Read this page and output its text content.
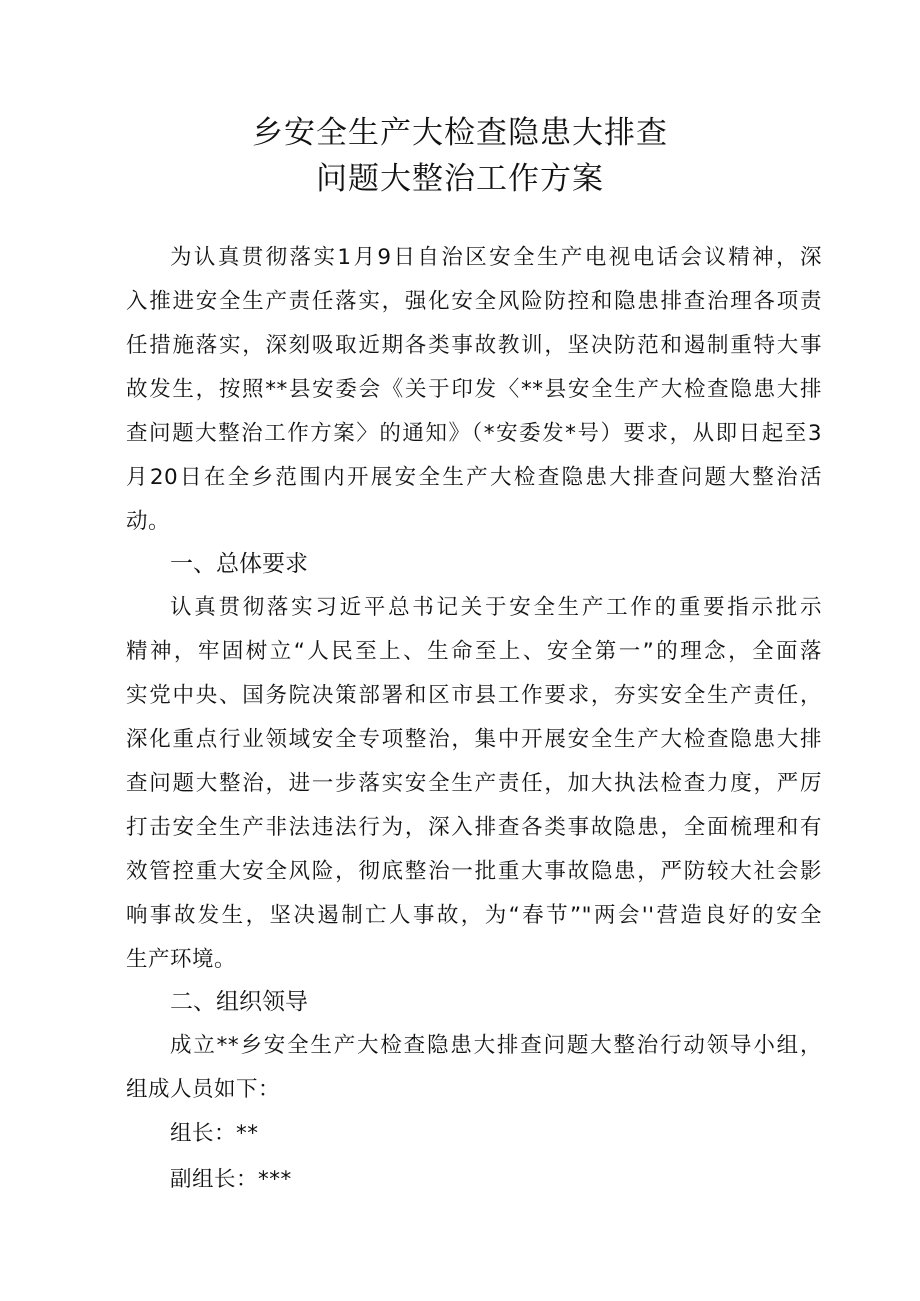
乡安全生产大检查隐患大排查
问题大整治工作方案
为认真贯彻落实1月9日自治区安全生产电视电话会议精神，深
入推进安全生产责任落实，强化安全风险防控和隐患排查治理各项责
任措施落实，深刻吸取近期各类事故教训，坚决防范和遏制重特大事
故发生，按照**县安委会《关于印发〈**县安全生产大检查隐患大排
查问题大整治工作方案〉的通知》（*安委发*号）要求，从即日起至3
月20日在全乡范围内开展安全生产大检查隐患大排查问题大整治活
动。
一、总体要求
认真贯彻落实习近平总书记关于安全生产工作的重要指示批示
精神，牢固树立“人民至上、生命至上、安全第一”的理念，全面落
实党中央、国务院决策部署和区市县工作要求，夯实安全生产责任，
深化重点行业领域安全专项整治，集中开展安全生产大检查隐患大排
查问题大整治，进一步落实安全生产责任，加大执法检查力度，严厉
打击安全生产非法违法行为，深入排查各类事故隐患，全面梳理和有
效管控重大安全风险，彻底整治一批重大事故隐患，严防较大社会影
响事故发生，坚决遏制亡人事故，为“春节”"两会''营造良好的安全
生产环境。
二、组织领导
成立**乡安全生产大检查隐患大排查问题大整治行动领导小组，
组成人员如下：
组长：**
副组长：***
